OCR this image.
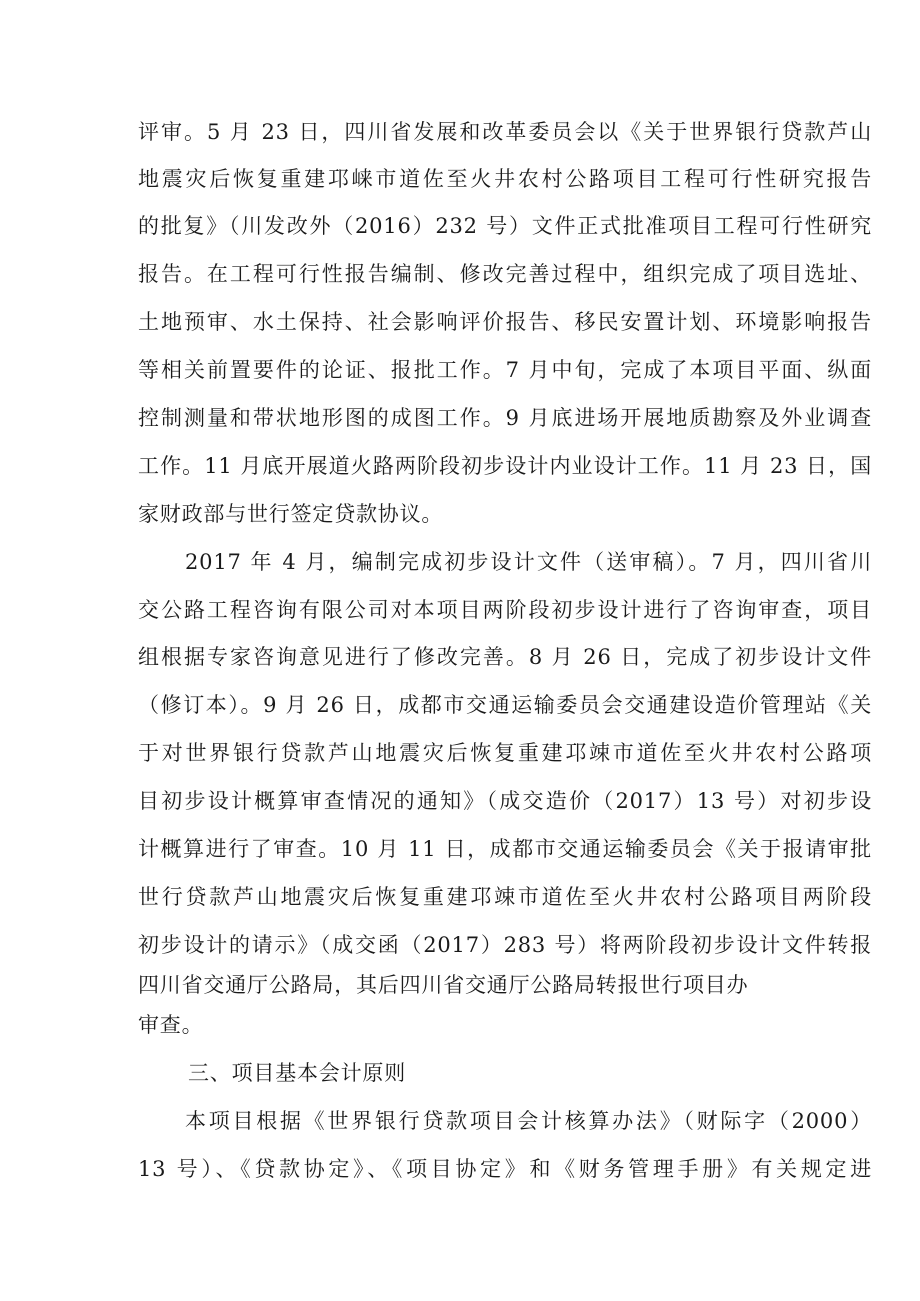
评审。5 月 23 日，四川省发展和改革委员会以《关于世界银行贷款芦山
地震灾后恢复重建邛崃市道佐至火井农村公路项目工程可行性研究报告
的批复》（川发改外（2016）232 号）文件正式批准项目工程可行性研究
报告。在工程可行性报告编制、修改完善过程中，组织完成了项目选址、
土地预审、水土保持、社会影响评价报告、移民安置计划、环境影响报告
等相关前置要件的论证、报批工作。7 月中旬，完成了本项目平面、纵面
控制测量和带状地形图的成图工作。9 月底进场开展地质勘察及外业调查
工作。11 月底开展道火路两阶段初步设计内业设计工作。11 月 23 日，国
家财政部与世行签定贷款协议。
2017 年 4 月，编制完成初步设计文件（送审稿）。7 月，四川省川
交公路工程咨询有限公司对本项目两阶段初步设计进行了咨询审查，项目
组根据专家咨询意见进行了修改完善。8 月 26 日，完成了初步设计文件
（修订本）。9 月 26 日，成都市交通运输委员会交通建设造价管理站《关
于对世界银行贷款芦山地震灾后恢复重建邛竦市道佐至火井农村公路项
目初步设计概算审查情况的通知》（成交造价（2017）13 号）对初步设
计概算进行了审查。10 月 11 日，成都市交通运输委员会《关于报请审批
世行贷款芦山地震灾后恢复重建邛竦市道佐至火井农村公路项目两阶段
初步设计的请示》（成交函（2017）283 号）将两阶段初步设计文件转报
四川省交通厅公路局，其后四川省交通厅公路局转报世行项目办
审查。
三、项目基本会计原则
本项目根据《世界银行贷款项目会计核算办法》（财际字（2000）
13 号）、《贷款协定》、《项目协定》和《财务管理手册》有关规定进
